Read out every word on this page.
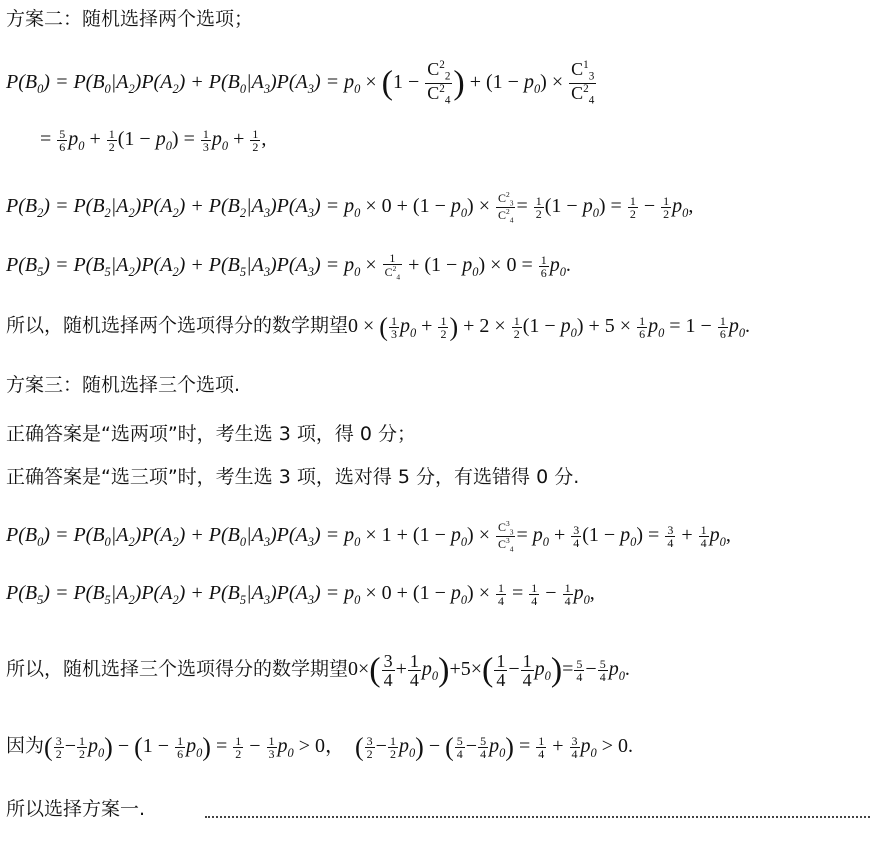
方案二：随机选择两个选项；
$P(B_0) = P(B_0|A_2)P(A_2) + P(B_0|A_3)P(A_3) = p_0 \times (1 - \frac{C^2_2}{C^2_4}$ ) + $(1 - p_0) \times \frac{C^1_3}{C^2_4}$
= $\frac{5}{6} p_0 + \frac{1}{2} (1 - p_0) = \frac{1}{3} p_0 + \frac{1}{2}$ ,
$P(B_2) = P(B_2|A_2)P(A_2) + P(B_2|A_3)P(A_3) = p_0 \times 0 + (1 - p_0) \times \frac{C^2_3}{C^2_4} = \frac{1}{2} (1 - p_0) = \frac{1}{2} - \frac{1}{2} p_0$,
$P(B_5) = P(B_5|A_2)P(A_2) + P(B_5|A_3)P(A_3) = p_0 \times \frac{1}{C^2_4} + (1 - p_0) \times 0 = \frac{1}{6} p_0$.
所以，随机选择两个选项得分的数学期望0 × ( $\frac{1}{3} p_0 + \frac{1}{2}$ ) + $2 \times \frac{1}{2} (1 - p_0) + 5 \times \frac{1}{6} p_0 = 1 - \frac{1}{6} p_0$.
方案三：随机选择三个选项.
正确答案是“选两项”时，考生选 3 项，得 0 分；
正确答案是“选三项”时，考生选 3 项，选对得 5 分，有选错得 0 分.
$P(B_0) = P(B_0|A_2)P(A_2) + P(B_0|A_3)P(A_3) = p_0 \times 1 + (1 - p_0) \times \frac{C^3_3}{C^3_4} = p_0 + \frac{3}{4} (1 - p_0) = \frac{3}{4} + \frac{1}{4} p_0$,
$P(B_5) = P(B_5|A_2)P(A_2) + P(B_5|A_3)P(A_3) = p_0 \times 0 + (1 - p_0) \times \frac{1}{4} = \frac{1}{4} - \frac{1}{4} p_0$,
所以，随机选择三个选项得分的数学期望$0\times( \frac{3}{4} + \frac{1}{4} p_0)+5\times( \frac{1}{4} - \frac{1}{4} p_0)= \frac{5}{4} - \frac{5}{4} p_0$.
因为( $\frac{3}{2} - \frac{1}{2} p_0) - (1 - \frac{1}{6} p_0) = \frac{1}{2} - \frac{1}{3} p_0 > 0$， ( $\frac{3}{2} - \frac{1}{2} p_0$) − ( $\frac{5}{4} - \frac{5}{4} p_0) = \frac{1}{4} + \frac{3}{4} p_0 > 0$.
所以选择方案一.
